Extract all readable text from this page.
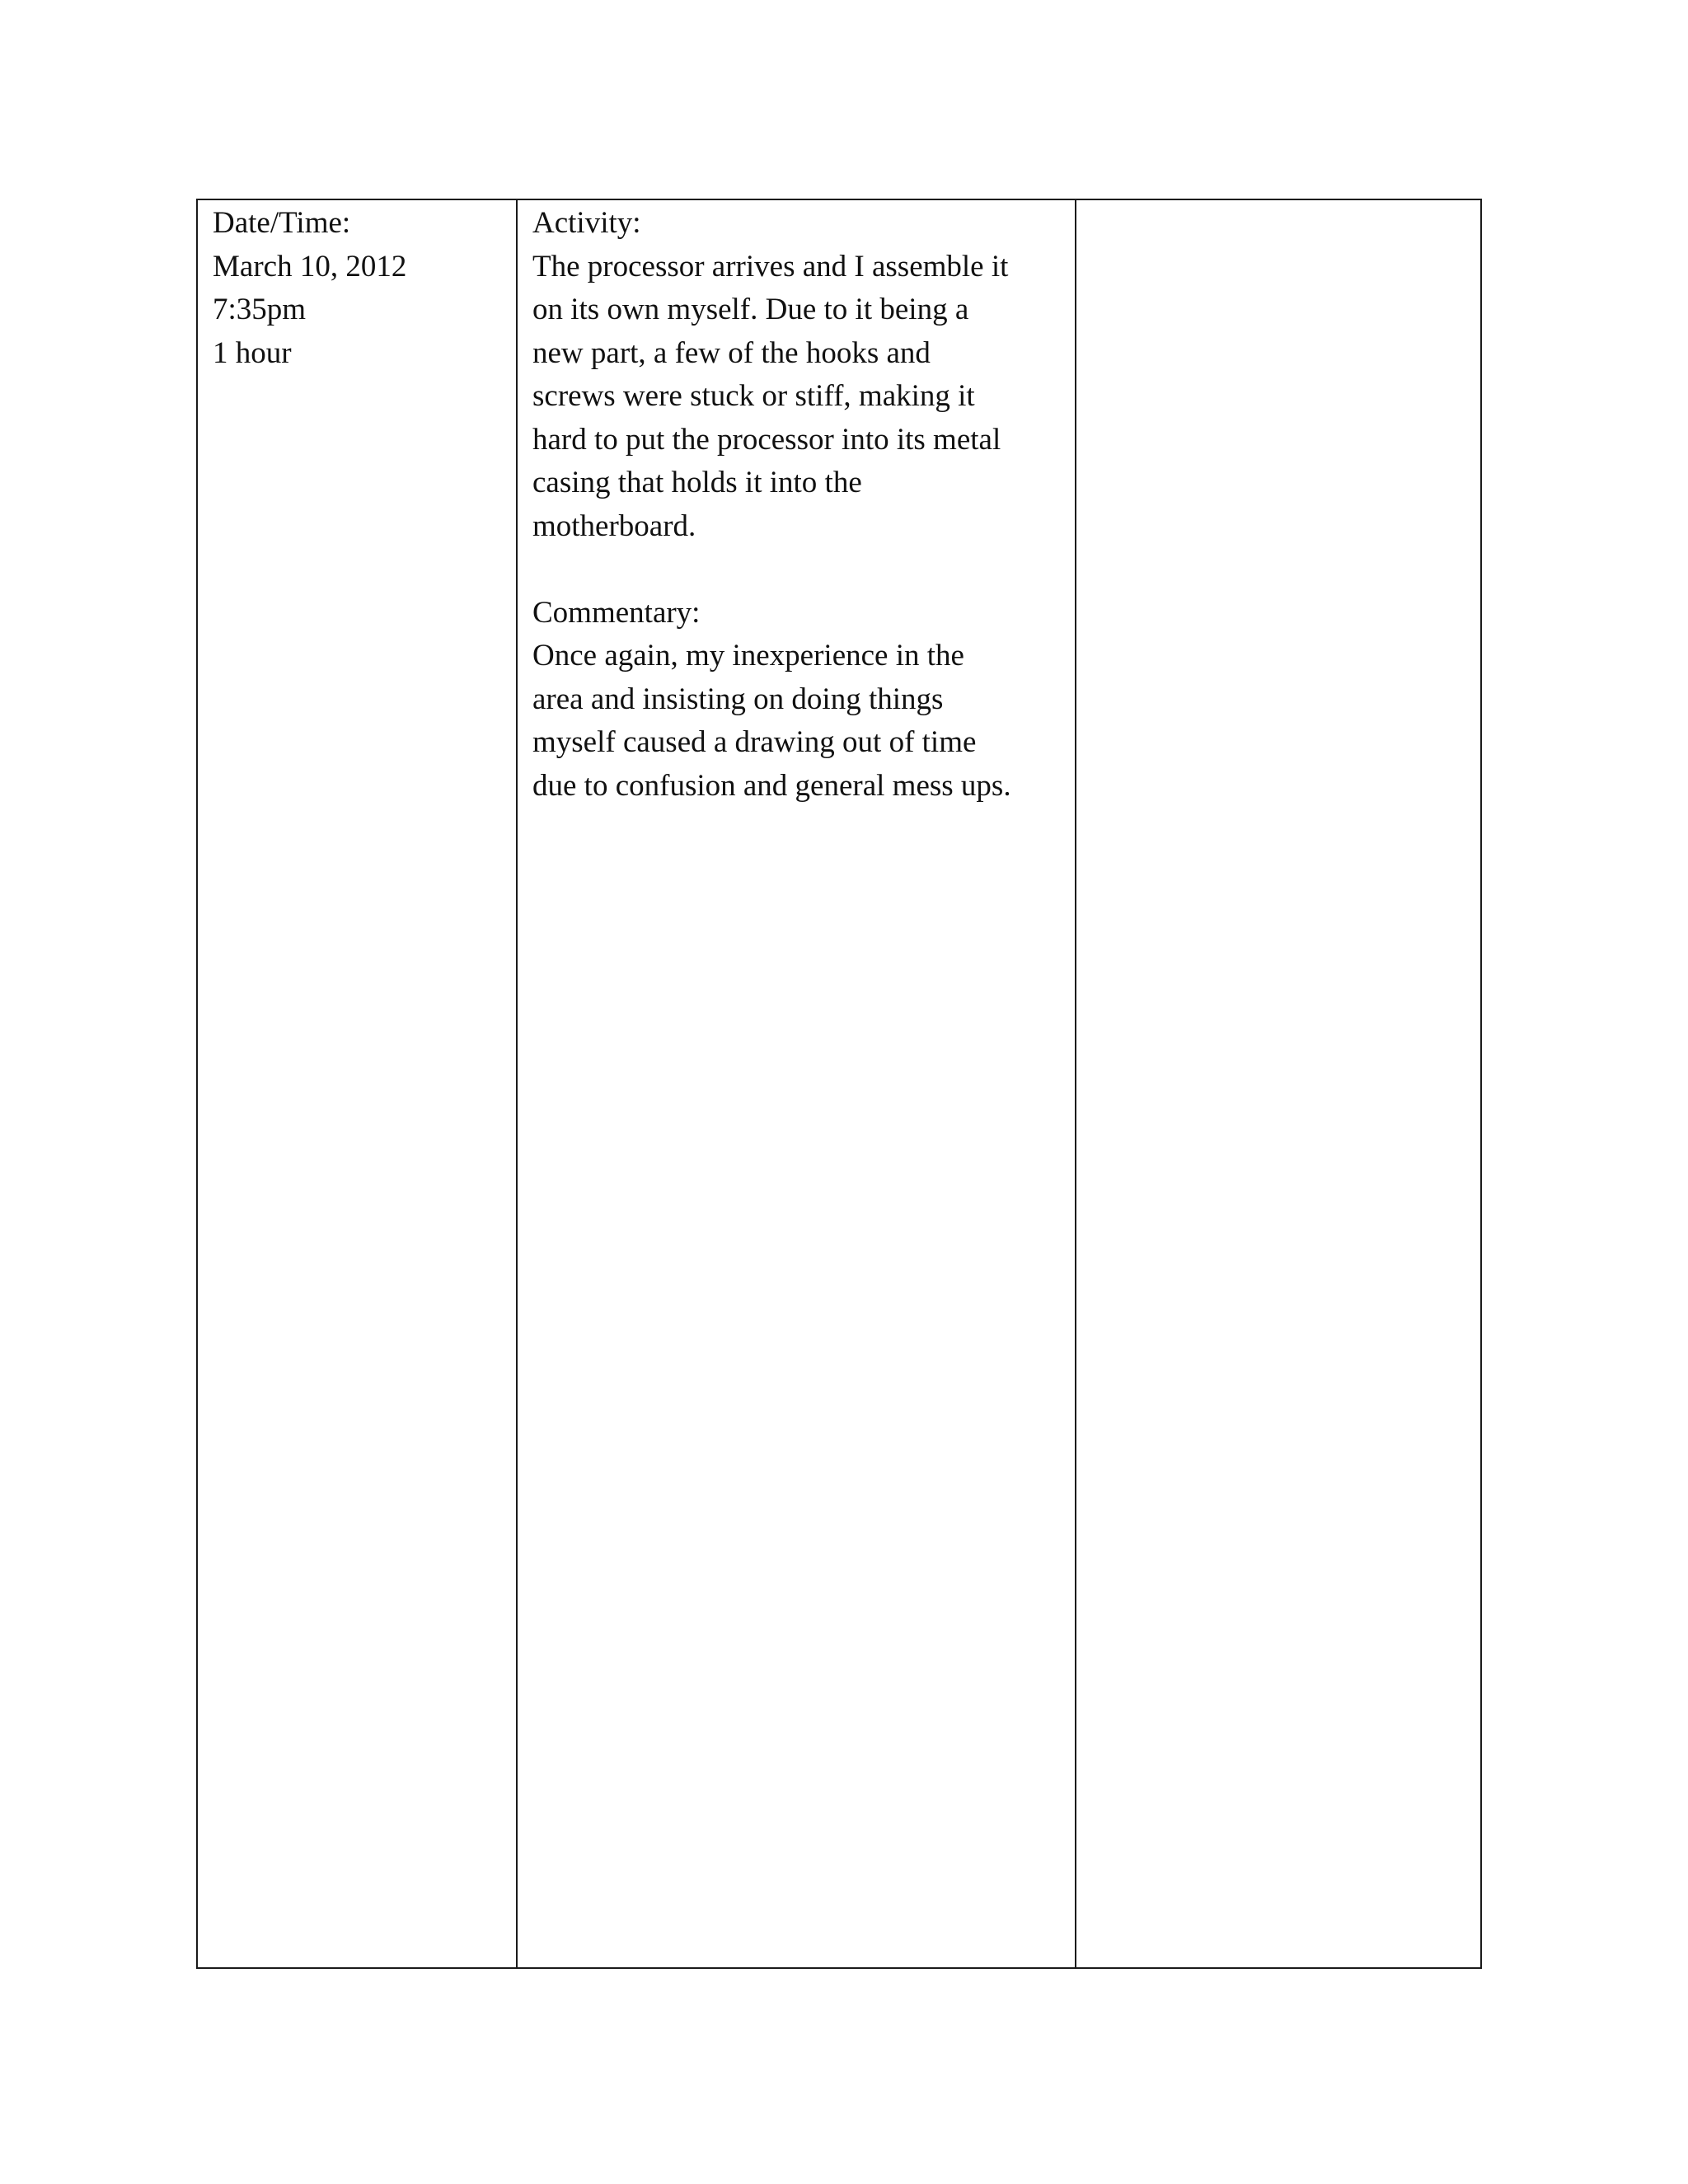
Date/Time:
March 10, 2012
7:35pm
1 hour
Activity:
The processor arrives and I assemble it
on its own myself. Due to it being a
new part, a few of the hooks and
screws were stuck or stiff, making it
hard to put the processor into its metal
casing that holds it into the
motherboard.
Commentary:
Once again, my inexperience in the
area and insisting on doing things
myself caused a drawing out of time
due to confusion and general mess ups.
